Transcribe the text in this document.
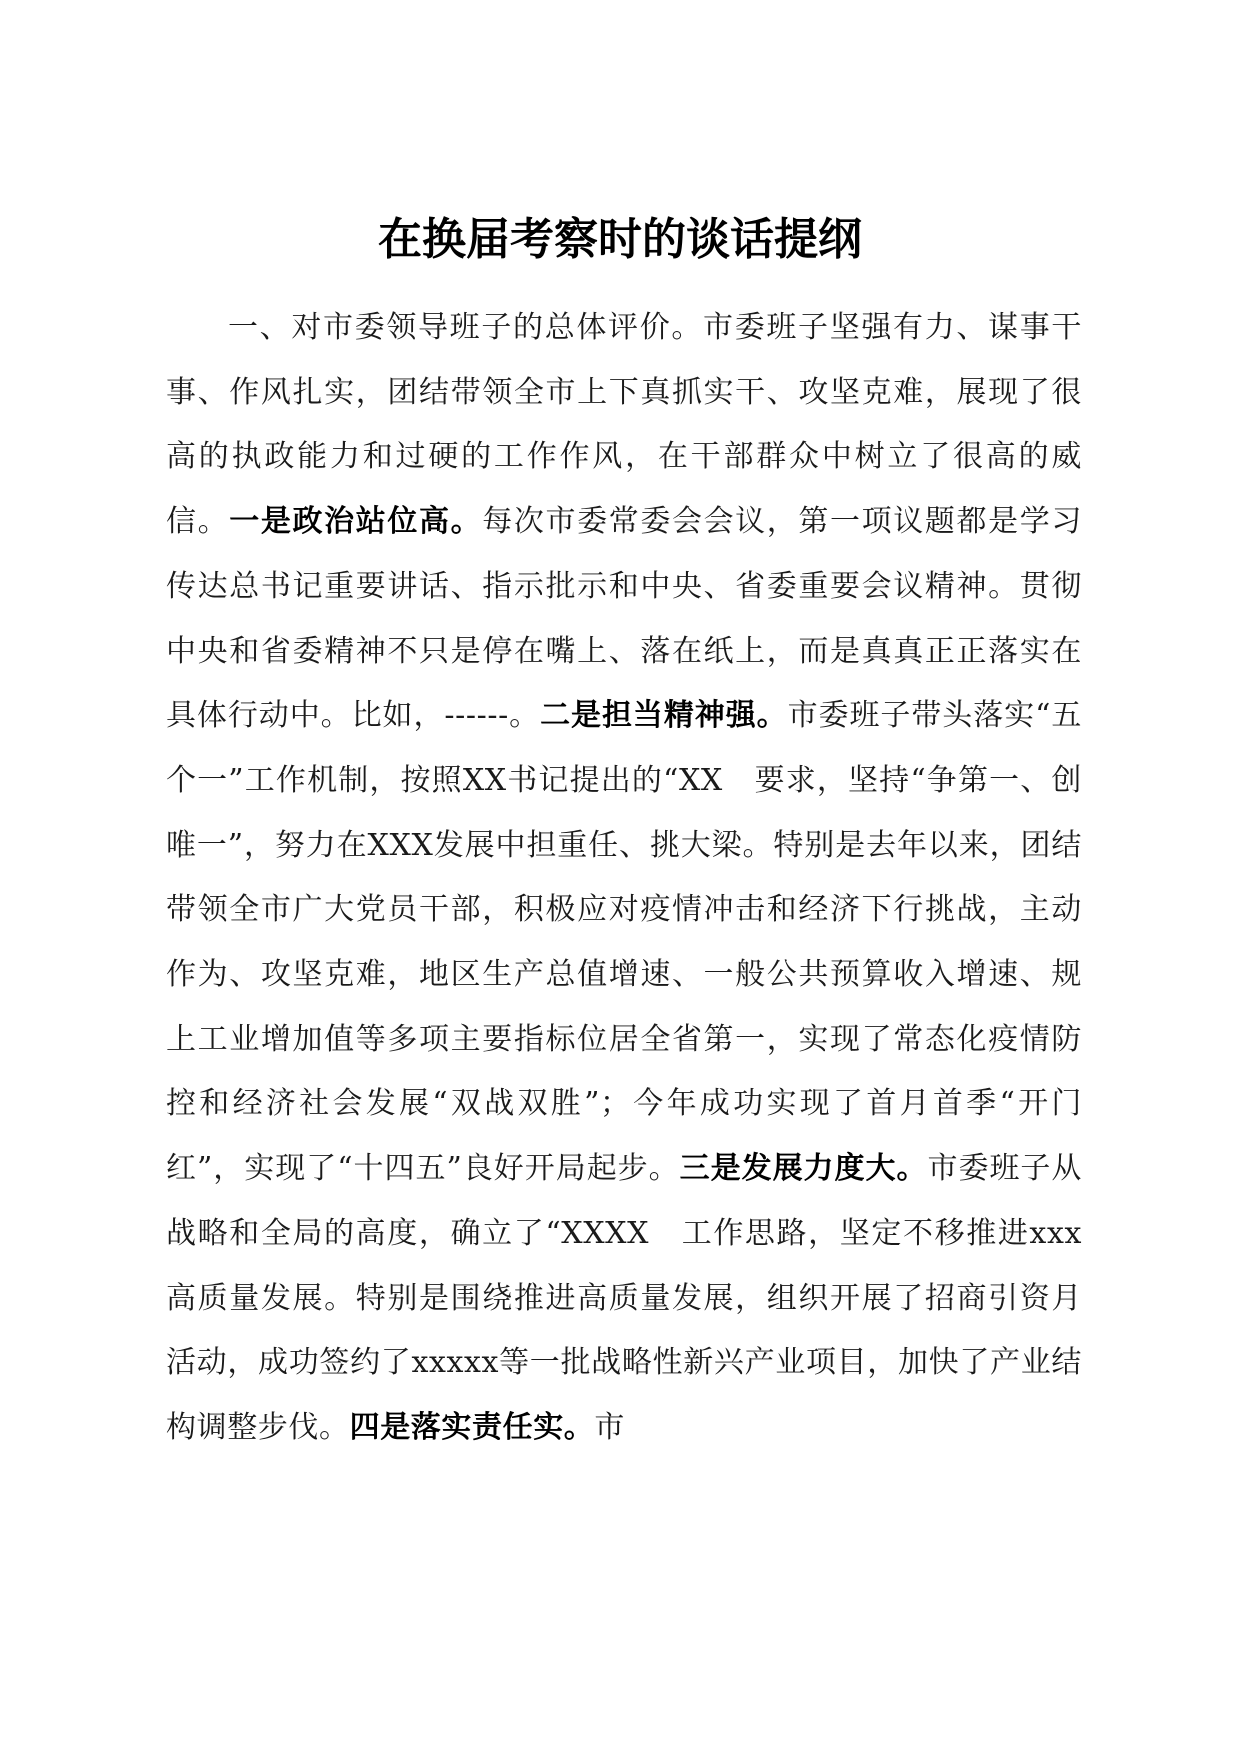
在换届考察时的谈话提纲

一、对市委领导班子的总体评价。市委班子坚强有力、谋事干事、作风扎实，团结带领全市上下真抓实干、攻坚克难，展现了很高的执政能力和过硬的工作作风，在干部群众中树立了很高的威信。一是政治站位高。每次市委常委会会议，第一项议题都是学习传达总书记重要讲话、指示批示和中央、省委重要会议精神。贯彻中央和省委精神不只是停在嘴上、落在纸上，而是真真正正落实在具体行动中。比如，------。二是担当精神强。市委班子带头落实“五个一”工作机制，按照XX书记提出的“XX　要求，坚持“争第一、创唯一”，努力在XXX发展中担重任、挑大梁。特别是去年以来，团结带领全市广大党员干部，积极应对疫情冲击和经济下行挑战，主动作为、攻坚克难，地区生产总值增速、一般公共预算收入增速、规上工业增加值等多项主要指标位居全省第一，实现了常态化疫情防控和经济社会发展“双战双胜”；今年成功实现了首月首季“开门红”，实现了“十四五”良好开局起步。三是发展力度大。市委班子从战略和全局的高度，确立了“XXXX　工作思路，坚定不移推进xxx高质量发展。特别是围绕推进高质量发展，组织开展了招商引资月活动，成功签约了xxxxx等一批战略性新兴产业项目，加快了产业结构调整步伐。四是落实责任实。市
